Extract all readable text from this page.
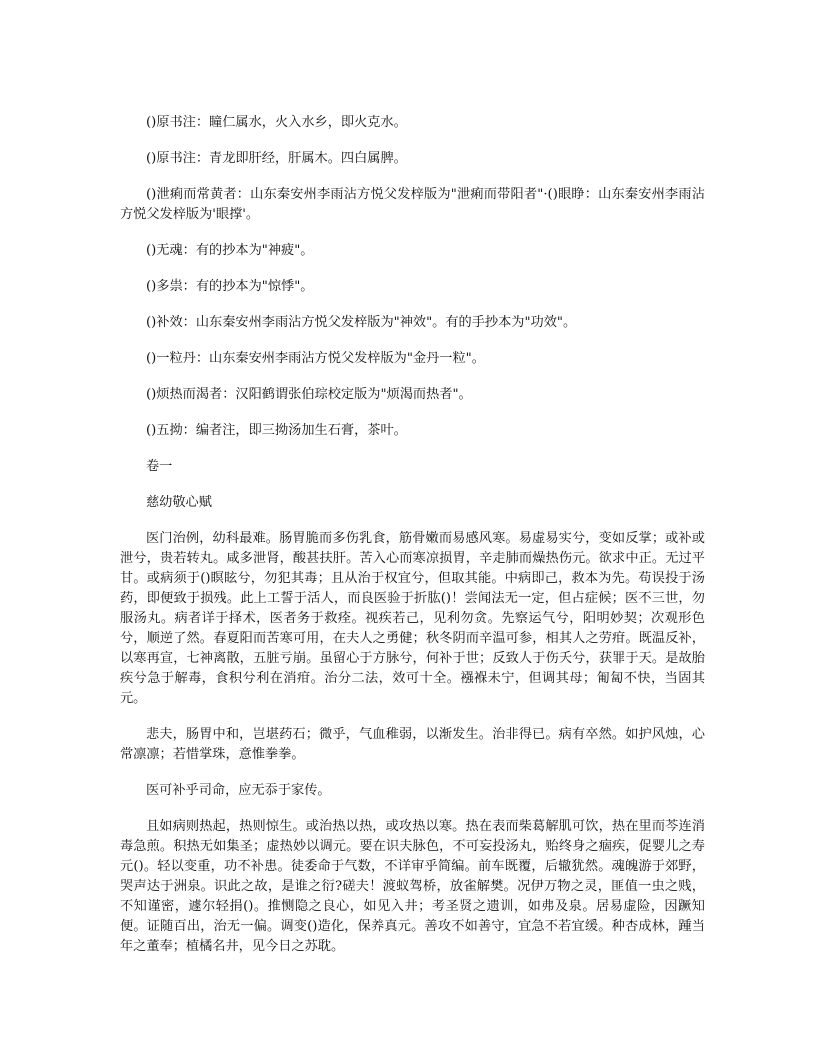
()原书注：瞳仁属水，火入水乡，即火克水。

()原书注：青龙即肝经，肝属木。四白属脾。

()泄痢而常黄者：山东秦安州李雨沾方悦父发梓版为"泄痢而带阳者"·()眼睁：山东秦安州李雨沾方悦父发梓版为'眼撑'。

()无魂：有的抄本为"神疲"。

()多祟：有的抄本为"惊悸"。

()补效：山东秦安州李雨沾方悦父发梓版为"神效"。有的手抄本为"功效"。

()一粒丹：山东秦安州李雨沾方悦父发梓版为"金丹一粒"。

()烦热而渴者：汉阳鹤谓张伯琮校定版为"烦渴而热者"。

()五拗：编者注，即三拗汤加生石膏，茶叶。

卷一

慈幼敬心赋

医门治例，幼科最难。肠胃脆而多伤乳食，筋骨嫩而易感风寒。易虚易实兮，变如反掌；或补或泄兮，贵若转丸。咸多泄肾，酸甚扶肝。苦入心而寒凉损胃，辛走肺而燥热伤元。欲求中正。无过平甘。或病须于()瞑眩兮，勿犯其毒；且从治于权宜兮，但取其能。中病即己，救本为先。苟误投于汤药，即便致于损残。此上工誓于活人，而良医验于折肱()！尝闻法无一定，但占症候；医不三世，勿服汤丸。病者详于择术，医者务于救痊。视疾若己，见利勿贪。先察运气兮，阳明妙契；次观形色兮，顺逆了然。春夏阳而苦寒可用，在夫人之勇健；秋冬阴而辛温可参，相其人之劳疳。既温反补，以寒再宣，七神离散，五脏亏崩。虽留心于方脉兮，何补于世；反致人于伤夭兮，获罪于天。是故胎疾兮急于解毒，食积兮利在消疳。治分二法，效可十全。襁褓未宁，但调其母；匍匐不快，当固其元。

悲夫，肠胃中和，岂堪药石；微乎，气血稚弱，以渐发生。治非得已。病有卒然。如护风烛，心常凛凛；若惜掌珠，意惟拳拳。

医可补乎司命，应无忝于家传。

且如病则热起，热则惊生。或治热以热，或攻热以寒。热在表而柴葛解肌可饮，热在里而芩连消毒急煎。积热无如集圣；虚热妙以调元。要在识夫脉色，不可妄投汤丸，贻终身之痼疾，促婴儿之寿元()。轻以变重，功不补患。徒委命于气数，不详审乎简编。前车既覆，后辙犹然。魂魄游于郊野，哭声达于洲泉。识此之故，是谁之衍?磋夫！渡蚁驾桥，放雀解樊。况伊万物之灵，匪值一虫之贱，不知谨密，遽尔轻捐()。推恻隐之良心，如见入井；考圣贤之遗训，如弗及泉。居易虚险，因蹶知便。证随百出，治无一偏。调变()造化，保养真元。善攻不如善守，宜急不若宜缓。种杏成林，踵当年之董奉；植橘名井，见今日之苏耽。
